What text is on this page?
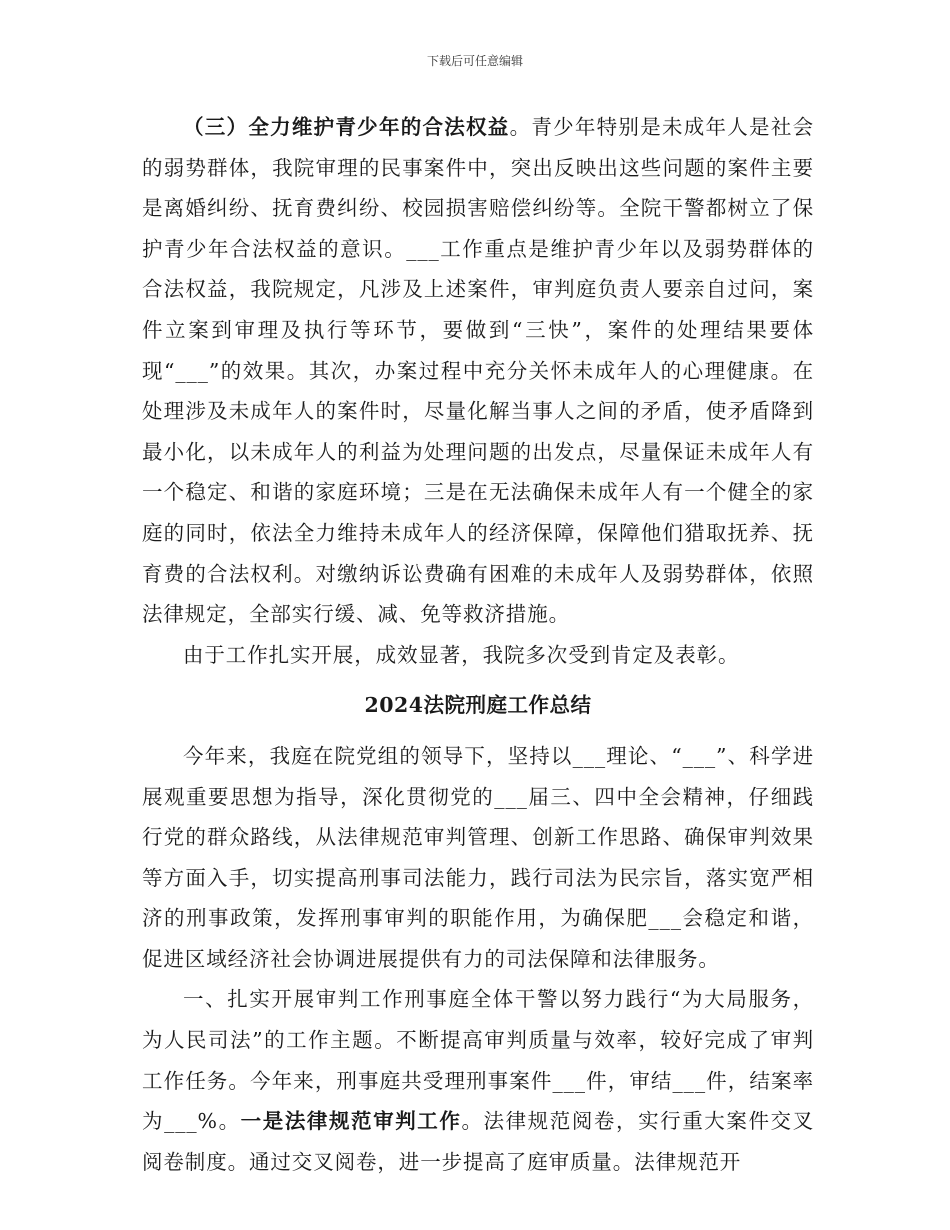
下载后可任意编辑

（三）全力维护青少年的合法权益。青少年特别是未成年人是社会的弱势群体，我院审理的民事案件中，突出反映出这些问题的案件主要是离婚纠纷、抚育费纠纷、校园损害赔偿纠纷等。全院干警都树立了保护青少年合法权益的意识。___工作重点是维护青少年以及弱势群体的合法权益，我院规定，凡涉及上述案件，审判庭负责人要亲自过问，案件立案到审理及执行等环节，要做到“三快”，案件的处理结果要体现“___”的效果。其次，办案过程中充分关怀未成年人的心理健康。在处理涉及未成年人的案件时，尽量化解当事人之间的矛盾，使矛盾降到最小化，以未成年人的利益为处理问题的出发点，尽量保证未成年人有一个稳定、和谐的家庭环境；三是在无法确保未成年人有一个健全的家庭的同时，依法全力维持未成年人的经济保障，保障他们猎取抚养、抚育费的合法权利。对缴纳诉讼费确有困难的未成年人及弱势群体，依照法律规定，全部实行缓、减、免等救济措施。

由于工作扎实开展，成效显著，我院多次受到肯定及表彰。

2024法院刑庭工作总结

今年来，我庭在院党组的领导下，坚持以___理论、“___”、科学进展观重要思想为指导，深化贯彻党的___届三、四中全会精神，仔细践行党的群众路线，从法律规范审判管理、创新工作思路、确保审判效果等方面入手，切实提高刑事司法能力，践行司法为民宗旨，落实宽严相济的刑事政策，发挥刑事审判的职能作用，为确保肥___会稳定和谐，促进区域经济社会协调进展提供有力的司法保障和法律服务。

一、扎实开展审判工作刑事庭全体干警以努力践行“为大局服务，为人民司法”的工作主题。不断提高审判质量与效率，较好完成了审判工作任务。今年来，刑事庭共受理刑事案件___件，审结___件，结案率为___%。一是法律规范审判工作。法律规范阅卷，实行重大案件交叉阅卷制度。通过交叉阅卷，进一步提高了庭审质量。法律规范开
